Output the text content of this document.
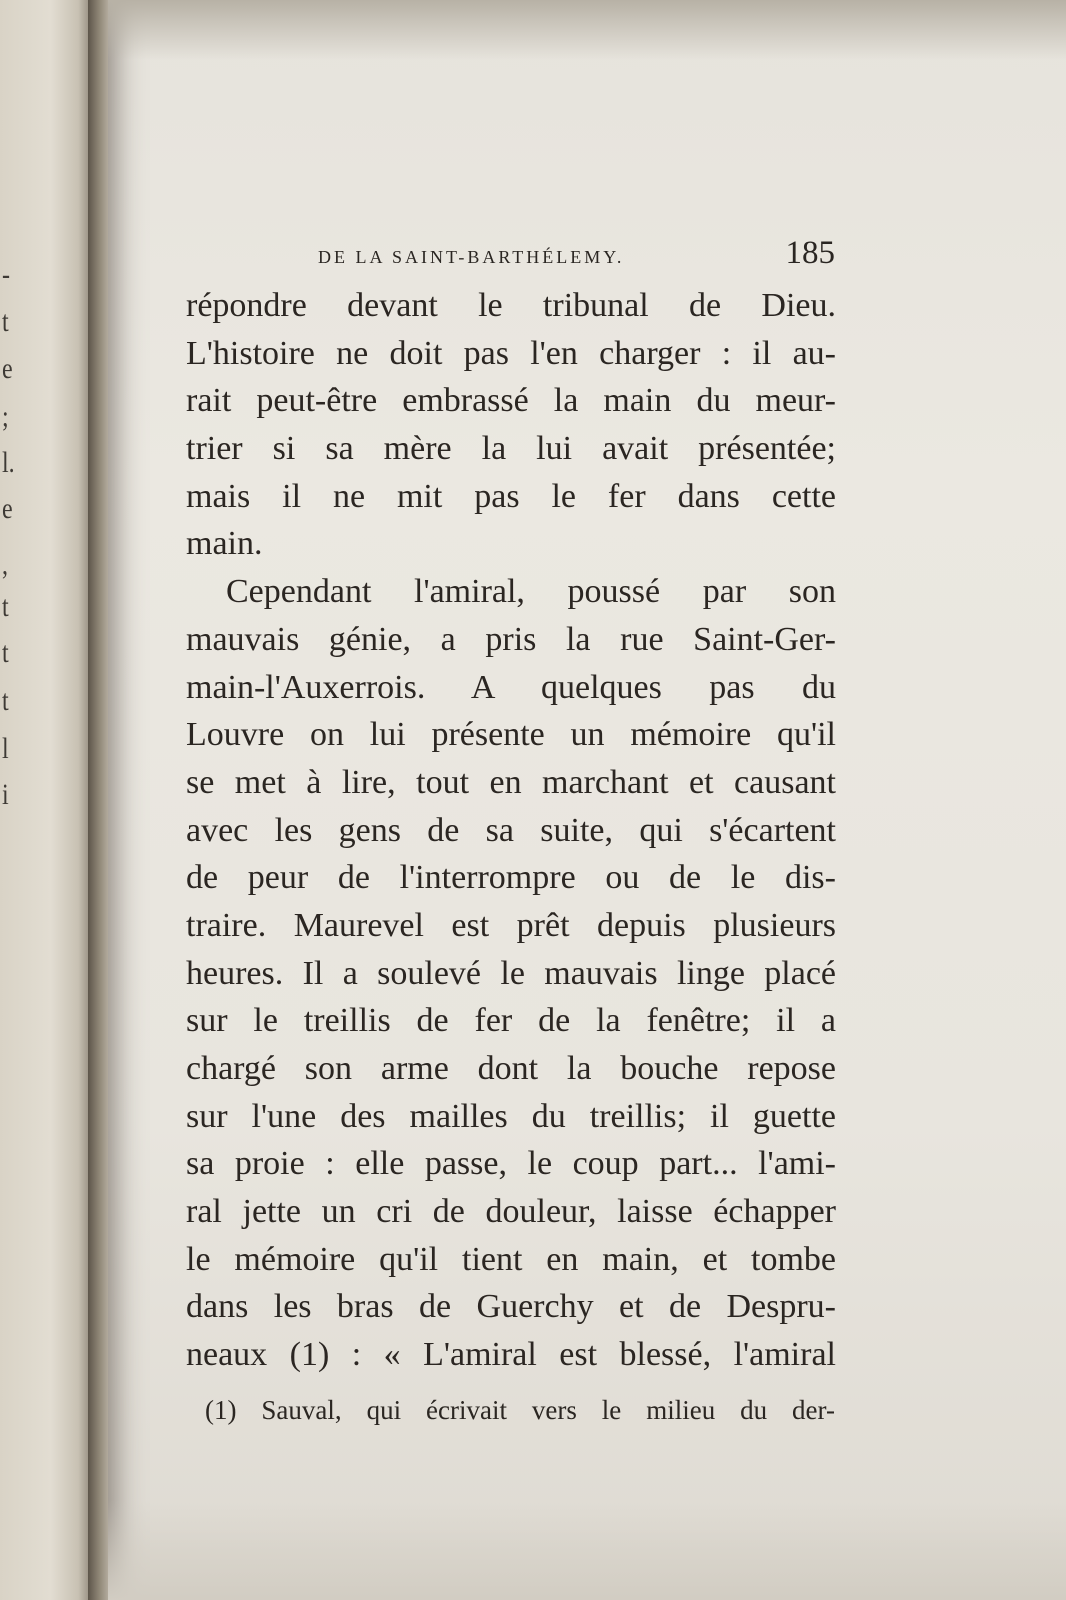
‐
t
e
;
l.
e
,
t
t
t
l
i
DE LA SAINT-BARTHÉLEMY.	185
répondre devant le tribunal de Dieu.
L'histoire ne doit pas l'en charger : il au-
rait peut-être embrassé la main du meur-
trier si sa mère la lui avait présentée;
mais il ne mit pas le fer dans cette
main.
Cependant l'amiral, poussé par son
mauvais génie, a pris la rue Saint-Ger-
main-l'Auxerrois. A quelques pas du
Louvre on lui présente un mémoire qu'il
se met à lire, tout en marchant et causant
avec les gens de sa suite, qui s'écartent
de peur de l'interrompre ou de le dis-
traire. Maurevel est prêt depuis plusieurs
heures. Il a soulevé le mauvais linge placé
sur le treillis de fer de la fenêtre; il a
chargé son arme dont la bouche repose
sur l'une des mailles du treillis; il guette
sa proie : elle passe, le coup part... l'ami-
ral jette un cri de douleur, laisse échapper
le mémoire qu'il tient en main, et tombe
dans les bras de Guerchy et de Despru-
neaux (1) : « L'amiral est blessé, l'amiral
(1) Sauval, qui écrivait vers le milieu du der-
